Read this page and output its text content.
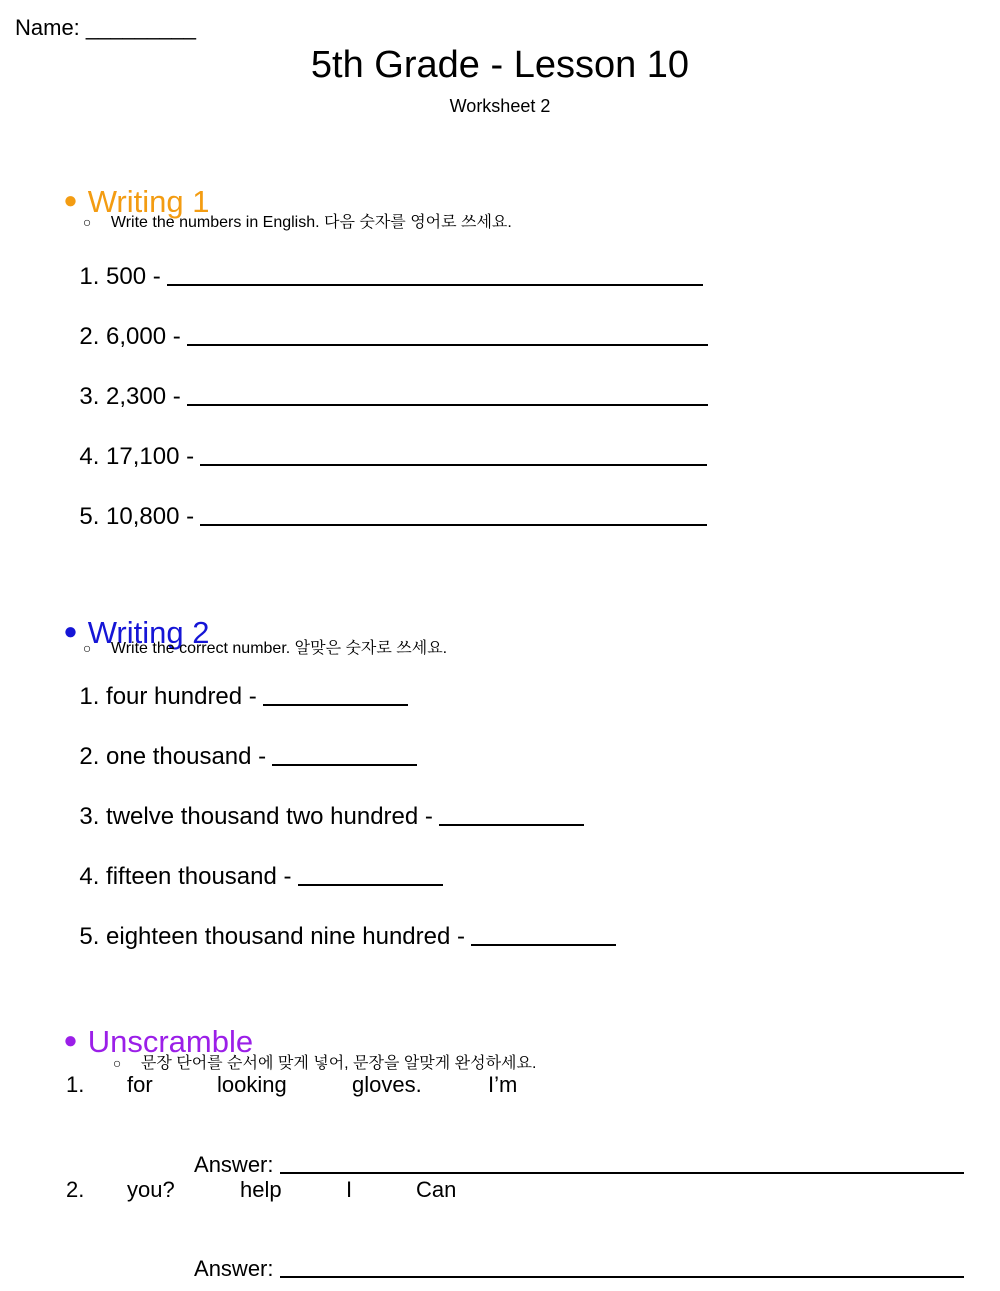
Name: _________
5th Grade - Lesson 10
Worksheet 2

● Writing 1

○ Write the numbers in English. 다음 숫자를 영어로 쓰세요.

1. 500 -

2. 6,000 -

3. 2,300 -

4. 17,100 -

5. 10,800 -

● Writing 2

○ Write the correct number. 알맞은 숫자로 쓰세요.

1. four hundred -

2. one thousand -

3. twelve thousand two hundred -

4. fifteen thousand -

5. eighteen thousand nine hundred -

● Unscramble

○ 문장 단어를 순서에 맞게 넣어, 문장을 알맞게 완성하세요.

1. for	looking	gloves.	I’m

Answer:

2. you?	help	I	Can

Answer:
